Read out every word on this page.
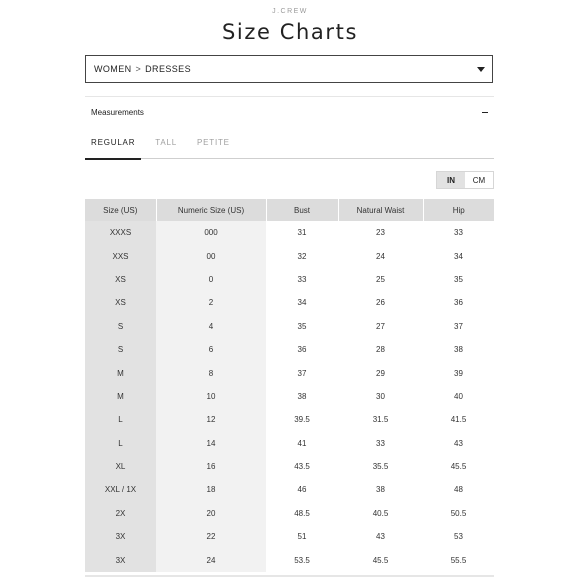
J.CREW
Size Charts
WOMEN > DRESSES
Measurements
REGULAR	TALL	PETITE
IN	CM
Size (US)	Numeric Size (US)	Bust	Natural Waist	Hip
XXXS	000	31	23	33
XXS	00	32	24	34
XS	0	33	25	35
XS	2	34	26	36
S	4	35	27	37
S	6	36	28	38
M	8	37	29	39
M	10	38	30	40
L	12	39.5	31.5	41.5
L	14	41	33	43
XL	16	43.5	35.5	45.5
XXL / 1X	18	46	38	48
2X	20	48.5	40.5	50.5
3X	22	51	43	53
3X	24	53.5	45.5	55.5
